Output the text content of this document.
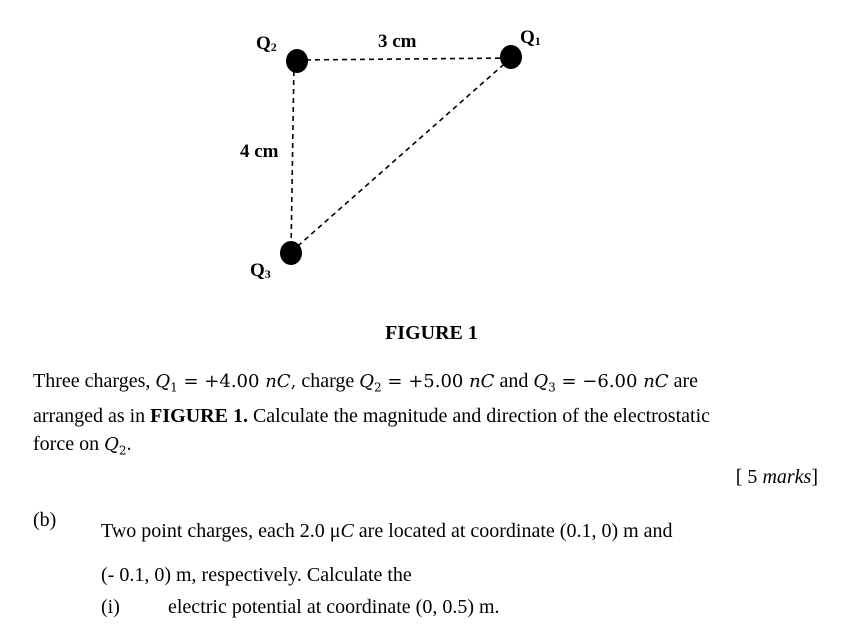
$Q_2$	$Q_1$
$Q_3$
3 cm
4 cm
FIGURE 1
Three charges, $Q_1 = +4.00$ nC, charge $Q_2 = +5.00$ nC and $Q_3 = -6.00$ nC are
arranged as in FIGURE 1. Calculate the magnitude and direction of the electrostatic
force on $Q_2$.
[ 5 marks]
(b) Two point charges, each 2.0 μC are located at coordinate (0.1, 0) m and
(- 0.1, 0) m, respectively. Calculate the
(i) electric potential at coordinate (0, 0.5) m.
